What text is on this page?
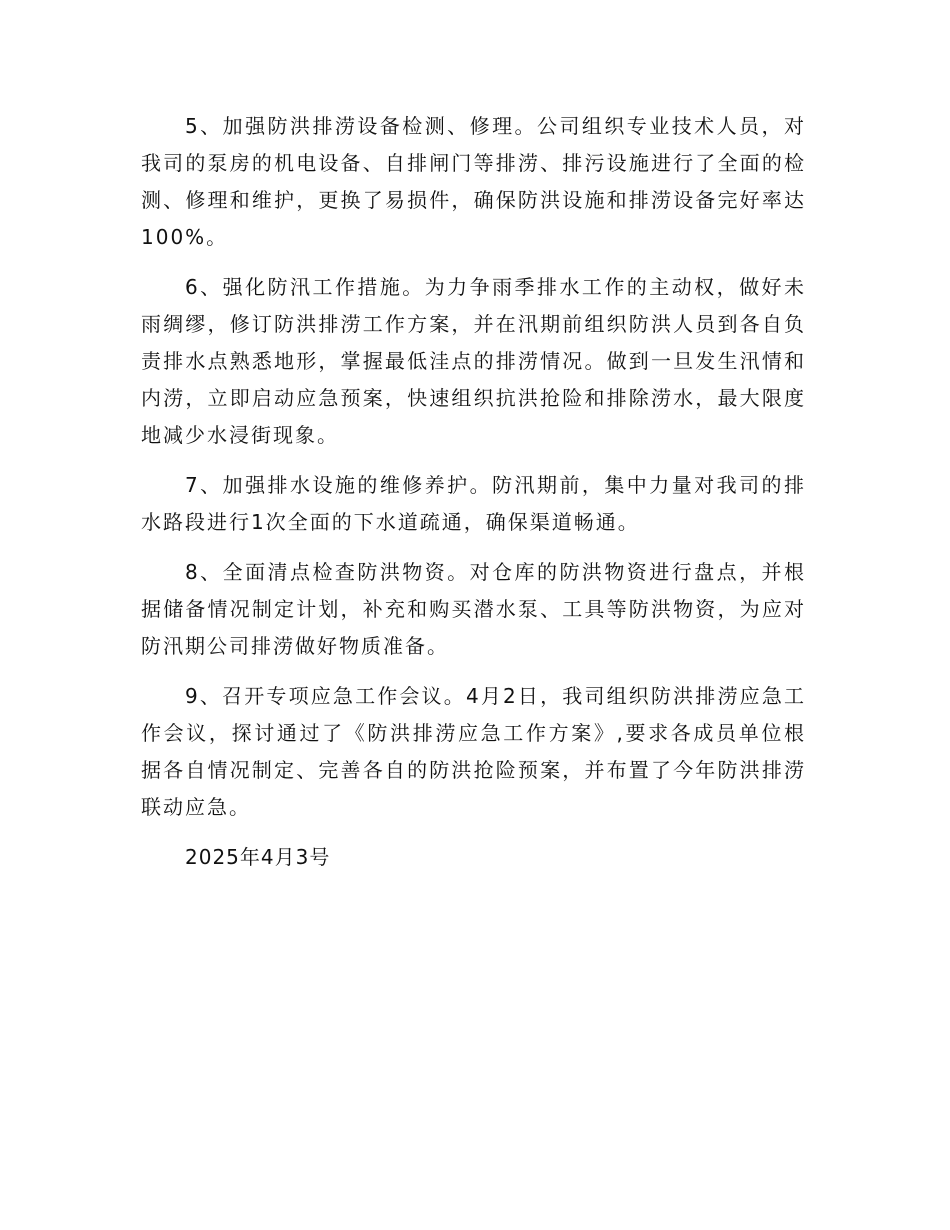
5、加强防洪排涝设备检测、修理。公司组织专业技术人员，对我司的泵房的机电设备、自排闸门等排涝、排污设施进行了全面的检测、修理和维护，更换了易损件，确保防洪设施和排涝设备完好率达100%。

6、强化防汛工作措施。为力争雨季排水工作的主动权，做好未雨绸缪，修订防洪排涝工作方案，并在汛期前组织防洪人员到各自负责排水点熟悉地形，掌握最低洼点的排涝情况。做到一旦发生汛情和内涝，立即启动应急预案，快速组织抗洪抢险和排除涝水，最大限度地减少水浸街现象。

7、加强排水设施的维修养护。防汛期前，集中力量对我司的排水路段进行1次全面的下水道疏通，确保渠道畅通。

8、全面清点检查防洪物资。对仓库的防洪物资进行盘点，并根据储备情况制定计划，补充和购买潜水泵、工具等防洪物资，为应对防汛期公司排涝做好物质准备。

9、召开专项应急工作会议。4月2日，我司组织防洪排涝应急工作会议，探讨通过了《防洪排涝应急工作方案》,要求各成员单位根据各自情况制定、完善各自的防洪抢险预案，并布置了今年防洪排涝联动应急。

2025年4月3号
